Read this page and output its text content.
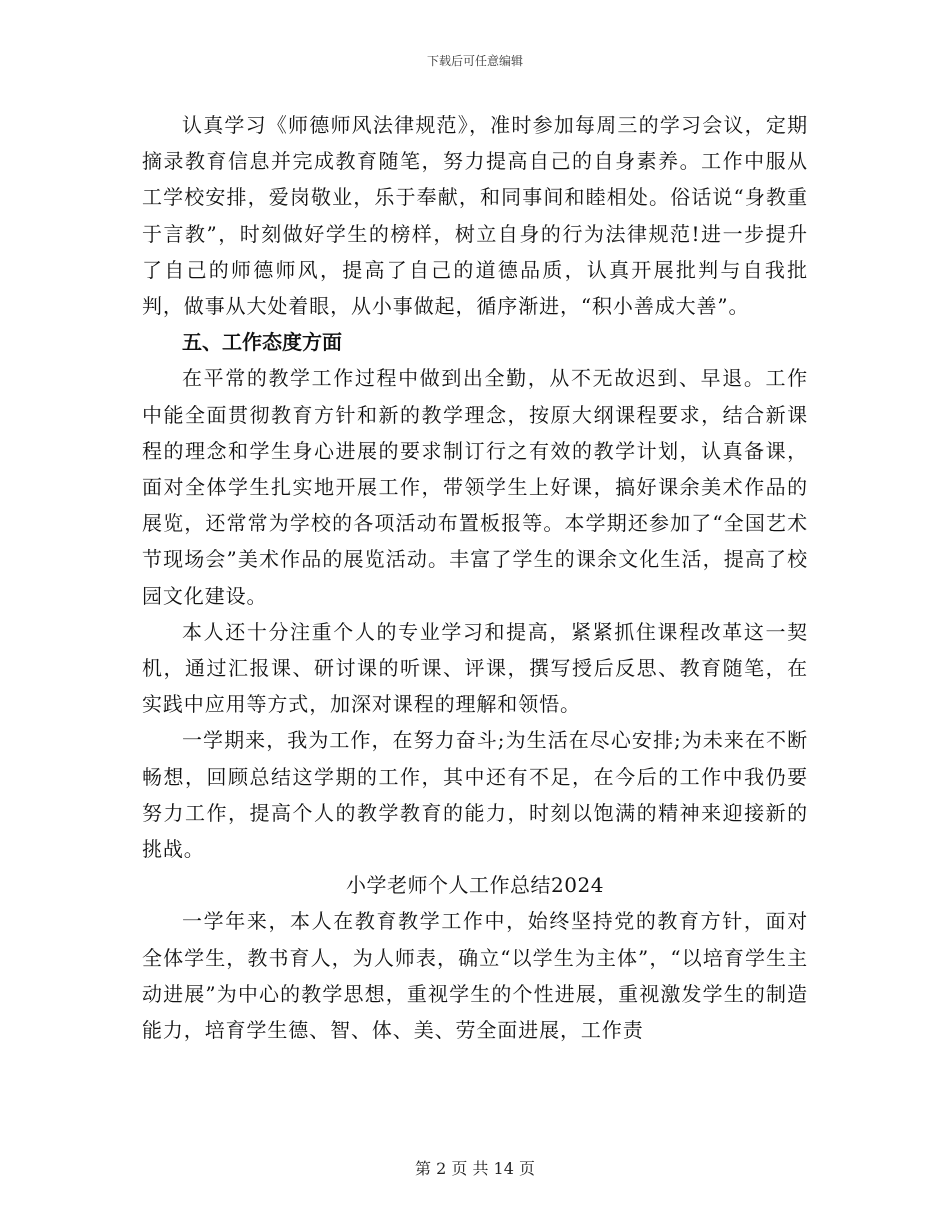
下载后可任意编辑

认真学习《师德师风法律规范》，准时参加每周三的学习会议，定期摘录教育信息并完成教育随笔，努力提高自己的自身素养。工作中服从工学校安排，爱岗敬业，乐于奉献，和同事间和睦相处。俗话说“身教重于言教”，时刻做好学生的榜样，树立自身的行为法律规范!进一步提升了自己的师德师风，提高了自己的道德品质，认真开展批判与自我批判，做事从大处着眼，从小事做起，循序渐进，“积小善成大善”。

五、工作态度方面

在平常的教学工作过程中做到出全勤，从不无故迟到、早退。工作中能全面贯彻教育方针和新的教学理念，按原大纲课程要求，结合新课程的理念和学生身心进展的要求制订行之有效的教学计划，认真备课，面对全体学生扎实地开展工作，带领学生上好课，搞好课余美术作品的展览，还常常为学校的各项活动布置板报等。本学期还参加了“全国艺术节现场会”美术作品的展览活动。丰富了学生的课余文化生活，提高了校园文化建设。

本人还十分注重个人的专业学习和提高，紧紧抓住课程改革这一契机，通过汇报课、研讨课的听课、评课，撰写授后反思、教育随笔，在实践中应用等方式，加深对课程的理解和领悟。

一学期来，我为工作，在努力奋斗;为生活在尽心安排;为未来在不断畅想，回顾总结这学期的工作，其中还有不足，在今后的工作中我仍要努力工作，提高个人的教学教育的能力，时刻以饱满的精神来迎接新的挑战。

小学老师个人工作总结2024

一学年来，本人在教育教学工作中，始终坚持党的教育方针，面对全体学生，教书育人，为人师表，确立“以学生为主体”，“以培育学生主动进展”为中心的教学思想，重视学生的个性进展，重视激发学生的制造能力，培育学生德、智、体、美、劳全面进展，工作责

第 2 页 共 14 页
